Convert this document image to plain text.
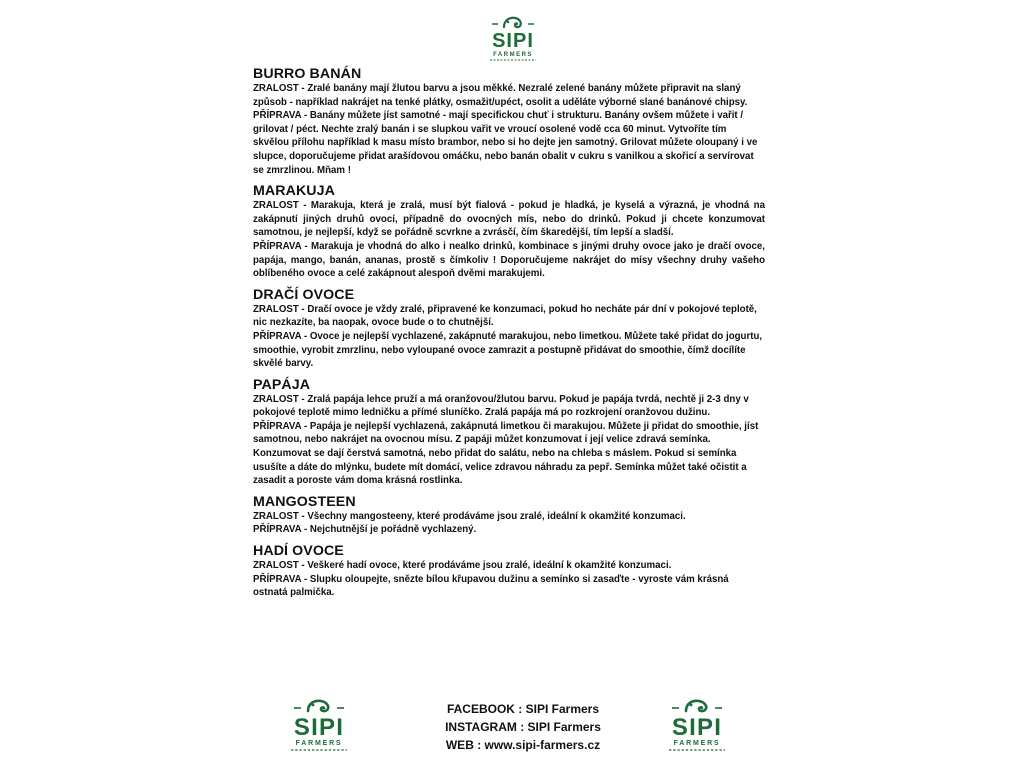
SIPI
FARMERS
BURRO BANÁN

ZRALOST - Zralé banány mají žlutou barvu a jsou měkké. Nezralé zelené banány můžete připravit na slaný způsob - například nakrájet na tenké plátky, osmažit/upéct, osolit a uděláte výborné slané banánové chipsy.

PŘÍPRAVA - Banány můžete jíst samotné - mají specifickou chuť i strukturu. Banány ovšem můžete i vařit / grilovat / péct. Nechte zralý banán i se slupkou vařit ve vroucí osolené vodě cca 60 minut. Vytvoříte tím skvělou přílohu například k masu místo brambor, nebo si ho dejte jen samotný. Grilovat můžete oloupaný i ve slupce, doporučujeme přidat arašídovou omáčku, nebo banán obalit v cukru s vanilkou a skořicí a servírovat se zmrzlinou. Mňam !

MARAKUJA

ZRALOST - Marakuja, která je zralá, musí být fialová - pokud je hladká, je kyselá a výrazná, je vhodná na zakápnutí jiných druhů ovocí, případně do ovocných mís, nebo do drinků. Pokud ji chcete konzumovat samotnou, je nejlepší, když se pořádně scvrkne a zvrásčí, čím škaredější, tím lepší a sladší.

PŘÍPRAVA - Marakuja je vhodná do alko i nealko drinků, kombinace s jinými druhy ovoce jako je dračí ovoce, papája, mango, banán, ananas, prostě s čímkoliv ! Doporučujeme nakrájet do mísy všechny druhy vašeho oblíbeného ovoce a celé zakápnout alespoň dvěmi marakujemi.

DRAČÍ OVOCE

ZRALOST - Dračí ovoce je vždy zralé, připravené ke konzumaci, pokud ho necháte pár dní v pokojové teplotě, nic nezkazíte, ba naopak, ovoce bude o to chutnější.

PŘÍPRAVA - Ovoce je nejlepší vychlazené, zakápnuté marakujou, nebo limetkou. Můžete také přidat do jogurtu, smoothie, vyrobit zmrzlinu, nebo vyloupané ovoce zamrazit a postupně přidávat do smoothie, čímž docílíte skvělé barvy.

PAPÁJA

ZRALOST - Zralá papája lehce pruží a má oranžovou/žlutou barvu. Pokud je papája tvrdá, nechtě ji 2-3 dny v pokojové teplotě mimo ledničku a přímé sluníčko. Zralá papája má po rozkrojení oranžovou dužinu.

PŘÍPRAVA - Papája je nejlepší vychlazená, zakápnutá limetkou či marakujou. Můžete ji přidat do smoothie, jíst samotnou, nebo nakrájet na ovocnou mísu. Z papáji můžet konzumovat i její velice zdravá semínka. Konzumovat se dají čerstvá samotná, nebo přidat do salátu, nebo na chleba s máslem. Pokud si semínka usušíte a dáte do mlýnku, budete mít domácí, velice zdravou náhradu za pepř. Semínka můžet také očistit a zasadit a poroste vám doma krásná rostlinka.

MANGOSTEEN

ZRALOST - Všechny mangosteeny, které prodáváme jsou zralé, ideální k okamžité konzumaci.

PŘÍPRAVA - Nejchutnější je pořádně vychlazený.

HADÍ OVOCE

ZRALOST - Veškeré hadí ovoce, které prodáváme jsou zralé, ideální k okamžité konzumaci.

PŘÍPRAVA - Slupku oloupejte, snězte bílou křupavou dužinu a semínko si zasaďte - vyroste vám krásná ostnatá palmička.

SIPI
FARMERS
FACEBOOK : SIPI Farmers
INSTAGRAM : SIPI Farmers
WEB : www.sipi-farmers.cz
SIPI
FARMERS
